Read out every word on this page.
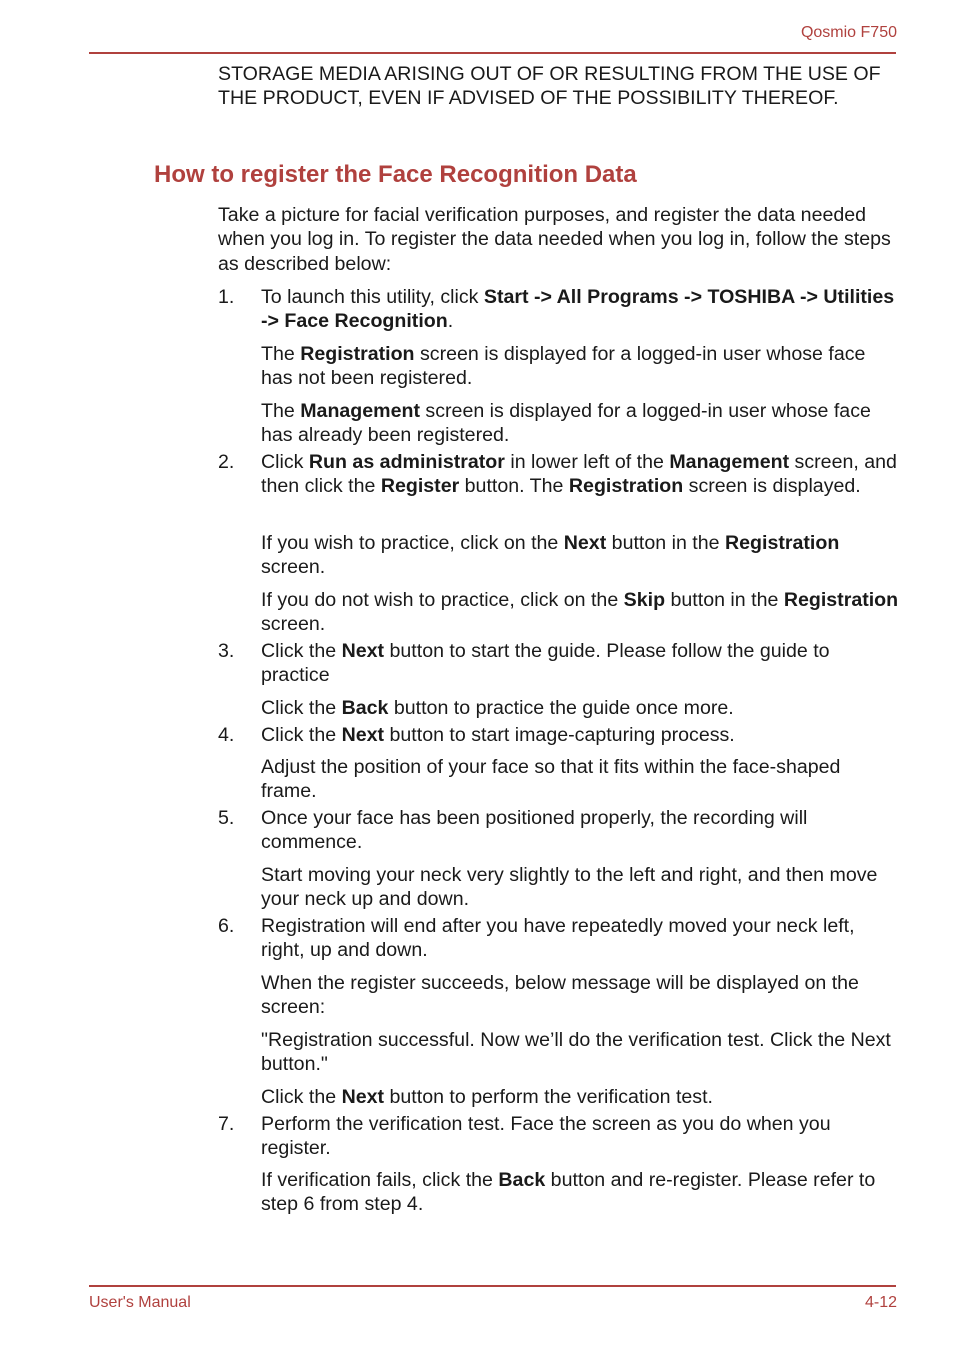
Qosmio F750
STORAGE MEDIA ARISING OUT OF OR RESULTING FROM THE USE OF THE PRODUCT, EVEN IF ADVISED OF THE POSSIBILITY THEREOF.
How to register the Face Recognition Data
Take a picture for facial verification purposes, and register the data needed when you log in. To register the data needed when you log in, follow the steps as described below:
1. To launch this utility, click Start -> All Programs -> TOSHIBA -> Utilities -> Face Recognition.
The Registration screen is displayed for a logged-in user whose face has not been registered.
The Management screen is displayed for a logged-in user whose face has already been registered.
2. Click Run as administrator in lower left of the Management screen, and then click the Register button. The Registration screen is displayed.
If you wish to practice, click on the Next button in the Registration screen.
If you do not wish to practice, click on the Skip button in the Registration screen.
3. Click the Next button to start the guide. Please follow the guide to practice
Click the Back button to practice the guide once more.
4. Click the Next button to start image-capturing process.
Adjust the position of your face so that it fits within the face-shaped frame.
5. Once your face has been positioned properly, the recording will commence.
Start moving your neck very slightly to the left and right, and then move your neck up and down.
6. Registration will end after you have repeatedly moved your neck left, right, up and down.
When the register succeeds, below message will be displayed on the screen:
"Registration successful. Now we’ll do the verification test. Click the Next button."
Click the Next button to perform the verification test.
7. Perform the verification test. Face the screen as you do when you register.
If verification fails, click the Back button and re-register. Please refer to step 6 from step 4.
User's Manual	4-12
